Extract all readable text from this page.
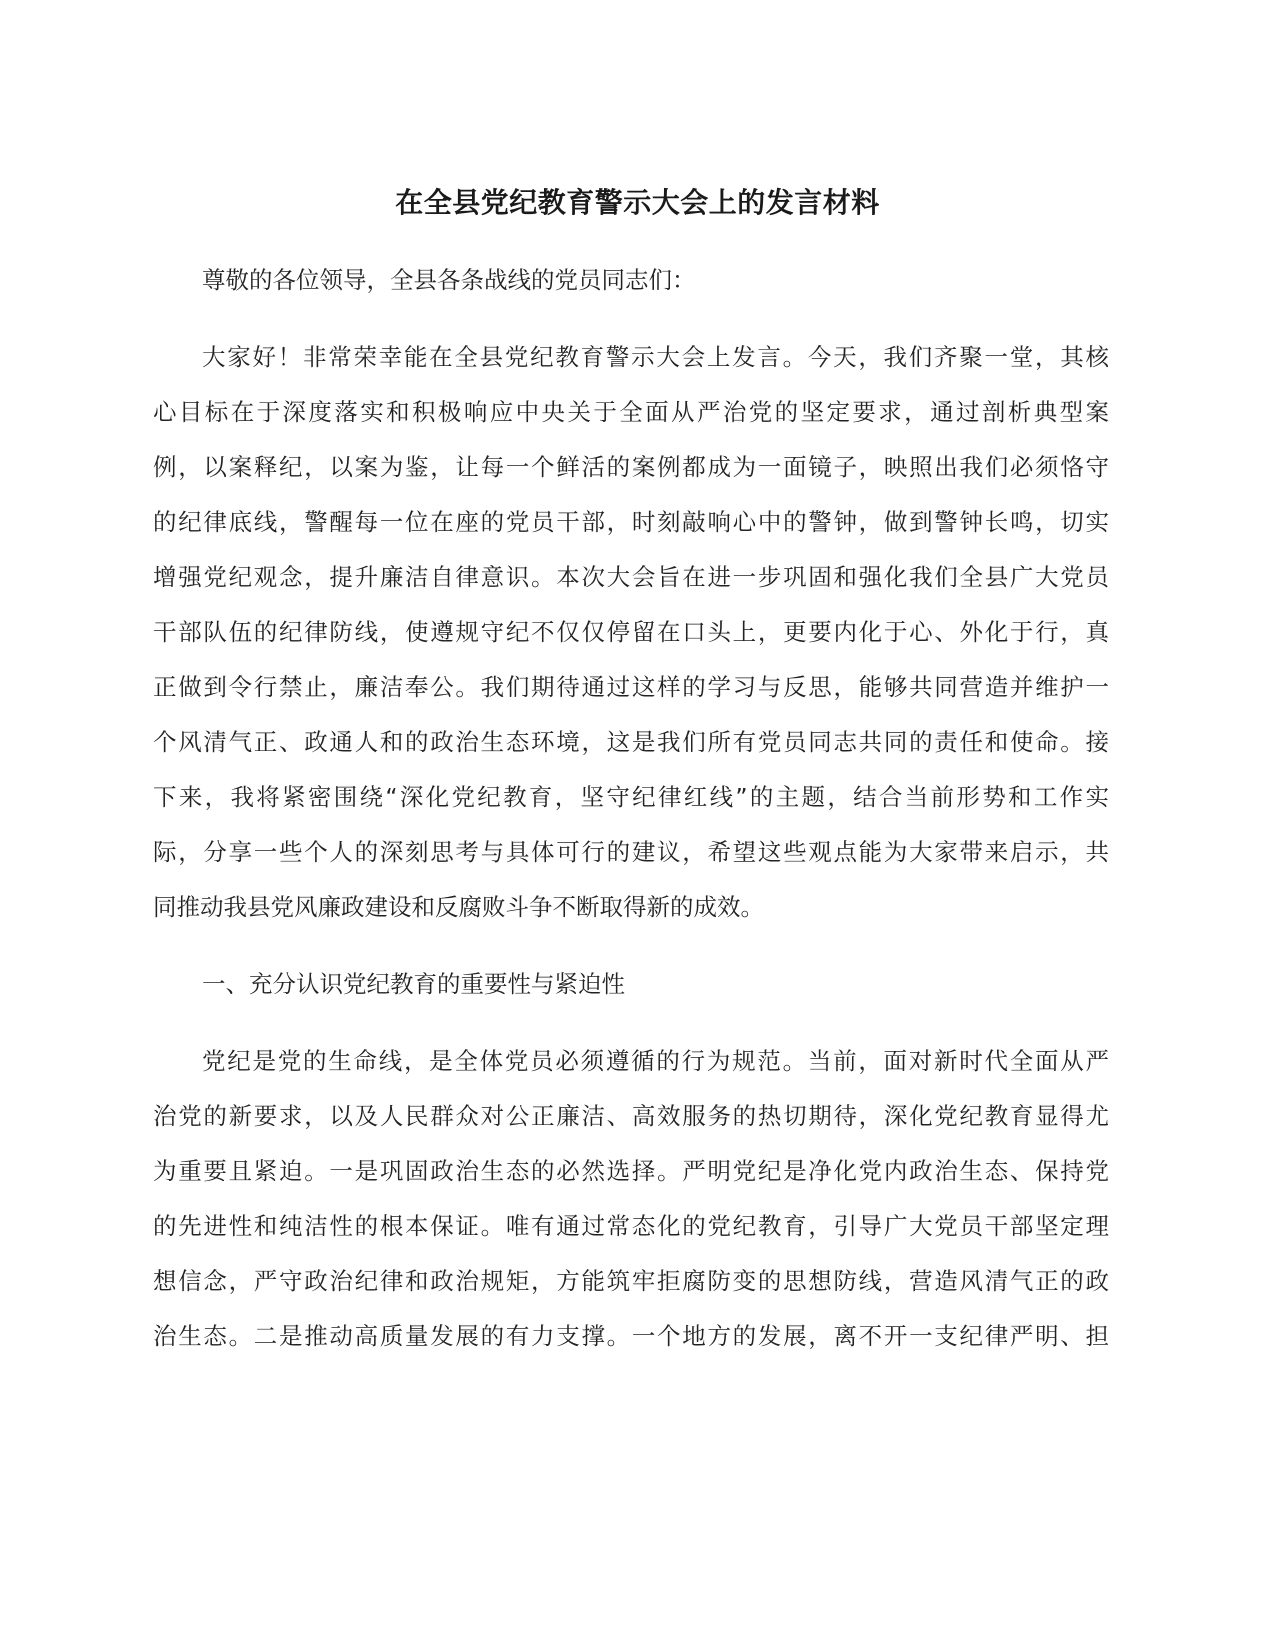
在全县党纪教育警示大会上的发言材料

尊敬的各位领导，全县各条战线的党员同志们：

大家好！非常荣幸能在全县党纪教育警示大会上发言。今天，我们齐聚一堂，其核

心目标在于深度落实和积极响应中央关于全面从严治党的坚定要求，通过剖析典型案

例，以案释纪，以案为鉴，让每一个鲜活的案例都成为一面镜子，映照出我们必须恪守

的纪律底线，警醒每一位在座的党员干部，时刻敲响心中的警钟，做到警钟长鸣，切实

增强党纪观念，提升廉洁自律意识。本次大会旨在进一步巩固和强化我们全县广大党员

干部队伍的纪律防线，使遵规守纪不仅仅停留在口头上，更要内化于心、外化于行，真

正做到令行禁止，廉洁奉公。我们期待通过这样的学习与反思，能够共同营造并维护一

个风清气正、政通人和的政治生态环境，这是我们所有党员同志共同的责任和使命。接

下来，我将紧密围绕“深化党纪教育，坚守纪律红线”的主题，结合当前形势和工作实

际，分享一些个人的深刻思考与具体可行的建议，希望这些观点能为大家带来启示，共

同推动我县党风廉政建设和反腐败斗争不断取得新的成效。

一、充分认识党纪教育的重要性与紧迫性

党纪是党的生命线，是全体党员必须遵循的行为规范。当前，面对新时代全面从严

治党的新要求，以及人民群众对公正廉洁、高效服务的热切期待，深化党纪教育显得尤

为重要且紧迫。一是巩固政治生态的必然选择。严明党纪是净化党内政治生态、保持党

的先进性和纯洁性的根本保证。唯有通过常态化的党纪教育，引导广大党员干部坚定理

想信念，严守政治纪律和政治规矩，方能筑牢拒腐防变的思想防线，营造风清气正的政

治生态。二是推动高质量发展的有力支撑。一个地方的发展，离不开一支纪律严明、担
